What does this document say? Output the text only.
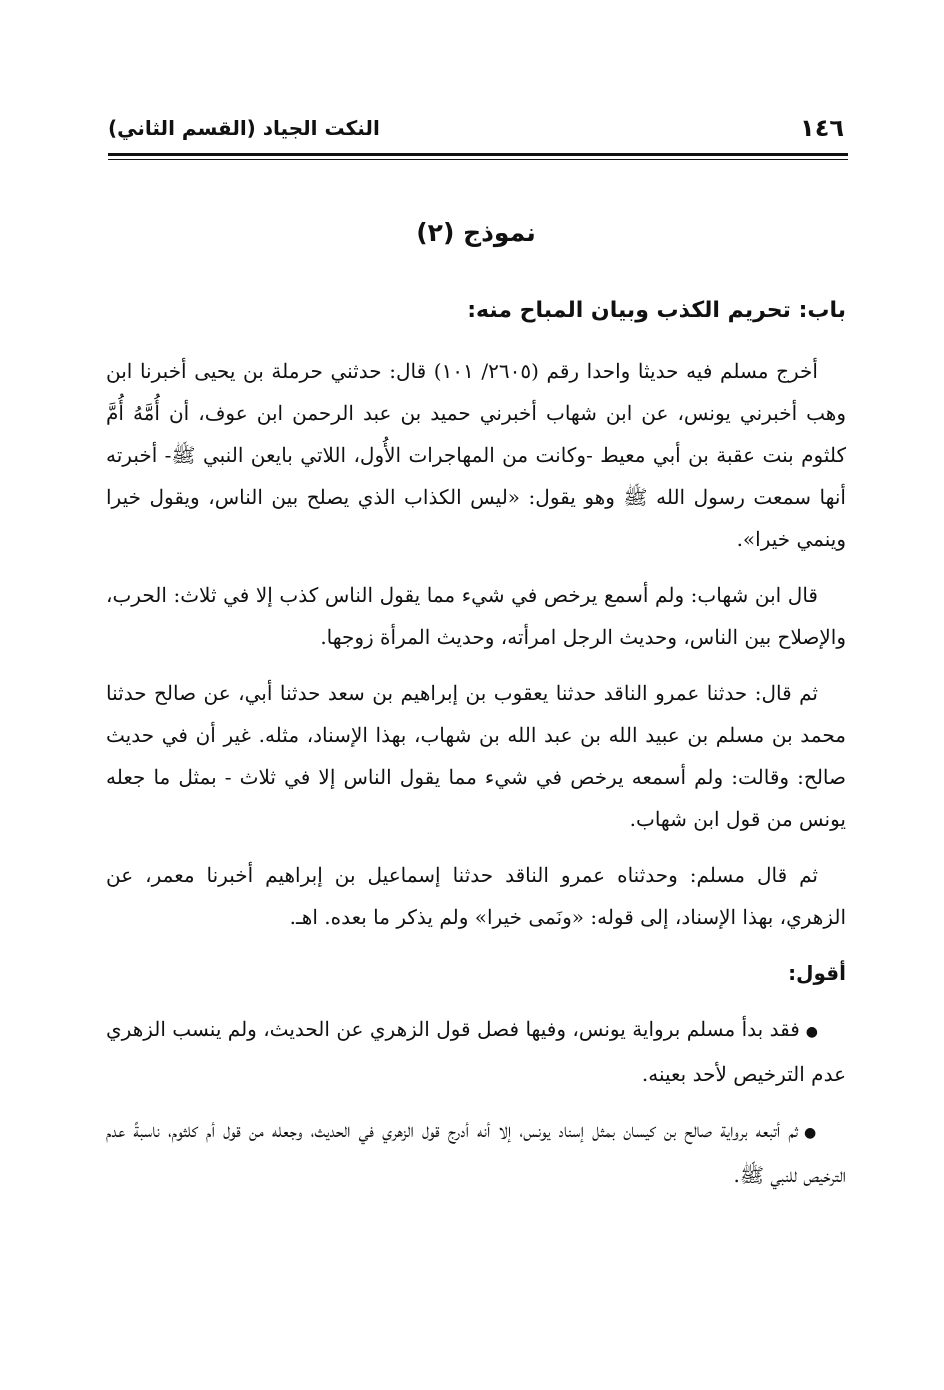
١٤٦
النكت الجياد (القسم الثاني)
نموذج (٢)
باب: تحريم الكذب وبيان المباح منه:

أخرج مسلم فيه حديثا واحدا رقم (٢٦٠٥/ ١٠١) قال: حدثني حرملة بن يحيى أخبرنا ابن وهب أخبرني يونس، عن ابن شهاب أخبرني حميد بن عبد الرحمن ابن عوف، أن أُمَّهُ أُمَّ كلثوم بنت عقبة بن أبي معيط -وكانت من المهاجرات الأُول، اللاتي بايعن النبي ﷺ- أخبرته أنها سمعت رسول الله ﷺ وهو يقول: «ليس الكذاب الذي يصلح بين الناس، ويقول خيرا وينمي خيرا».

قال ابن شهاب: ولم أسمع يرخص في شيء مما يقول الناس كذب إلا في ثلاث: الحرب، والإصلاح بين الناس، وحديث الرجل امرأته، وحديث المرأة زوجها.

ثم قال: حدثنا عمرو الناقد حدثنا يعقوب بن إبراهيم بن سعد حدثنا أبي، عن صالح حدثنا محمد بن مسلم بن عبيد الله بن عبد الله بن شهاب، بهذا الإسناد، مثله. غير أن في حديث صالح: وقالت: ولم أسمعه يرخص في شيء مما يقول الناس إلا في ثلاث - بمثل ما جعله يونس من قول ابن شهاب.

ثم قال مسلم: وحدثناه عمرو الناقد حدثنا إسماعيل بن إبراهيم أخبرنا معمر، عن الزهري، بهذا الإسناد، إلى قوله: «ونَمى خيرا» ولم يذكر ما بعده. اهـ.

أقول:

●فقد بدأ مسلم برواية يونس، وفيها فصل قول الزهري عن الحديث، ولم ينسب الزهري عدم الترخيص لأحد بعينه.

●ثم أتبعه برواية صالح بن كيسان بمثل إسناد يونس، إلا أنه أدرج قول الزهري في الحديث، وجعله من قول أم كلثوم، ناسبةً عدم الترخيص للنبي ﷺ.
